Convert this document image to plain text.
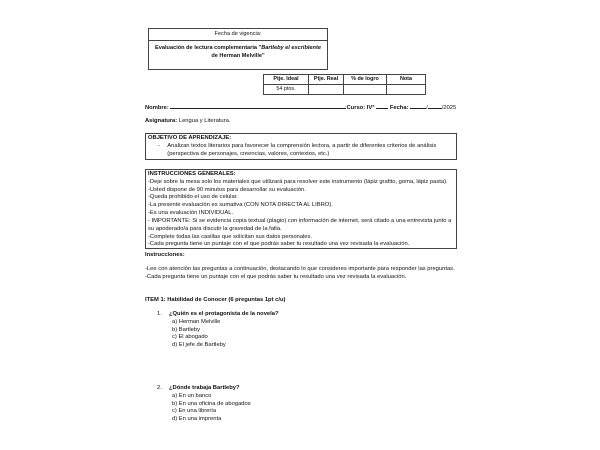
Fecha de vigencia:
Evaluación de lectura complementaria "Bartleby el escribiente
de Herman Melville"
Ptje. Ideal	Ptje. Real	% de logro	Nota
54 ptos.			
Nombre:	Curso: IV°	Fecha:	/ /2025
Asignatura: Lengua y Literatura.
OBJETIVO DE APRENDIZAJE:
-	Analizan textos literarios para favorecer la comprensión lectora, a partir de diferentes criterios de análisis (perspectiva de personajes, creencias, valores, contextos, etc.)
INSTRUCCIONES GENERALES:
-Deje sobre la mesa solo los materiales que utilizará para resolver este instrumento (lápiz grafito, goma, lápiz pasta).
-Usted dispone de 90 minutos para desarrollar su evaluación.
-Queda prohibido el uso de celular.
-La presente evaluación es sumativa (CON NOTA DIRECTA AL LIBRO).
-Es una evaluación INDIVIDUAL.
- IMPORTANTE: Si se evidencia copia textual (plagio) con información de internet, será citado a una entrevista junto a su apoderado/a para discutir la gravedad de la falta.
-Complete todas las casillas que solicitan sus datos personales.
-Cada pregunta tiene un puntaje con el que podrás saber tu resultado una vez revisada la evaluación.
Instrucciones:
-Lee con atención las preguntas a continuación, destacando lo que consideres importante para responder las preguntas.
-Cada pregunta tiene un puntaje con el que podrás saber tu resultado una vez revisada la evaluación.
ITEM 1: Habilidad de Conocer (6 preguntas 1pt c/u)
1. ¿Quién es el protagonista de la novela?
a) Herman Melville
b) Bartleby
c) El abogado
d) El jefe de Bartleby
2. ¿Dónde trabaja Bartleby?
a) En un banco
b) En una oficina de abogados
c) En una librería
d) En una imprenta
